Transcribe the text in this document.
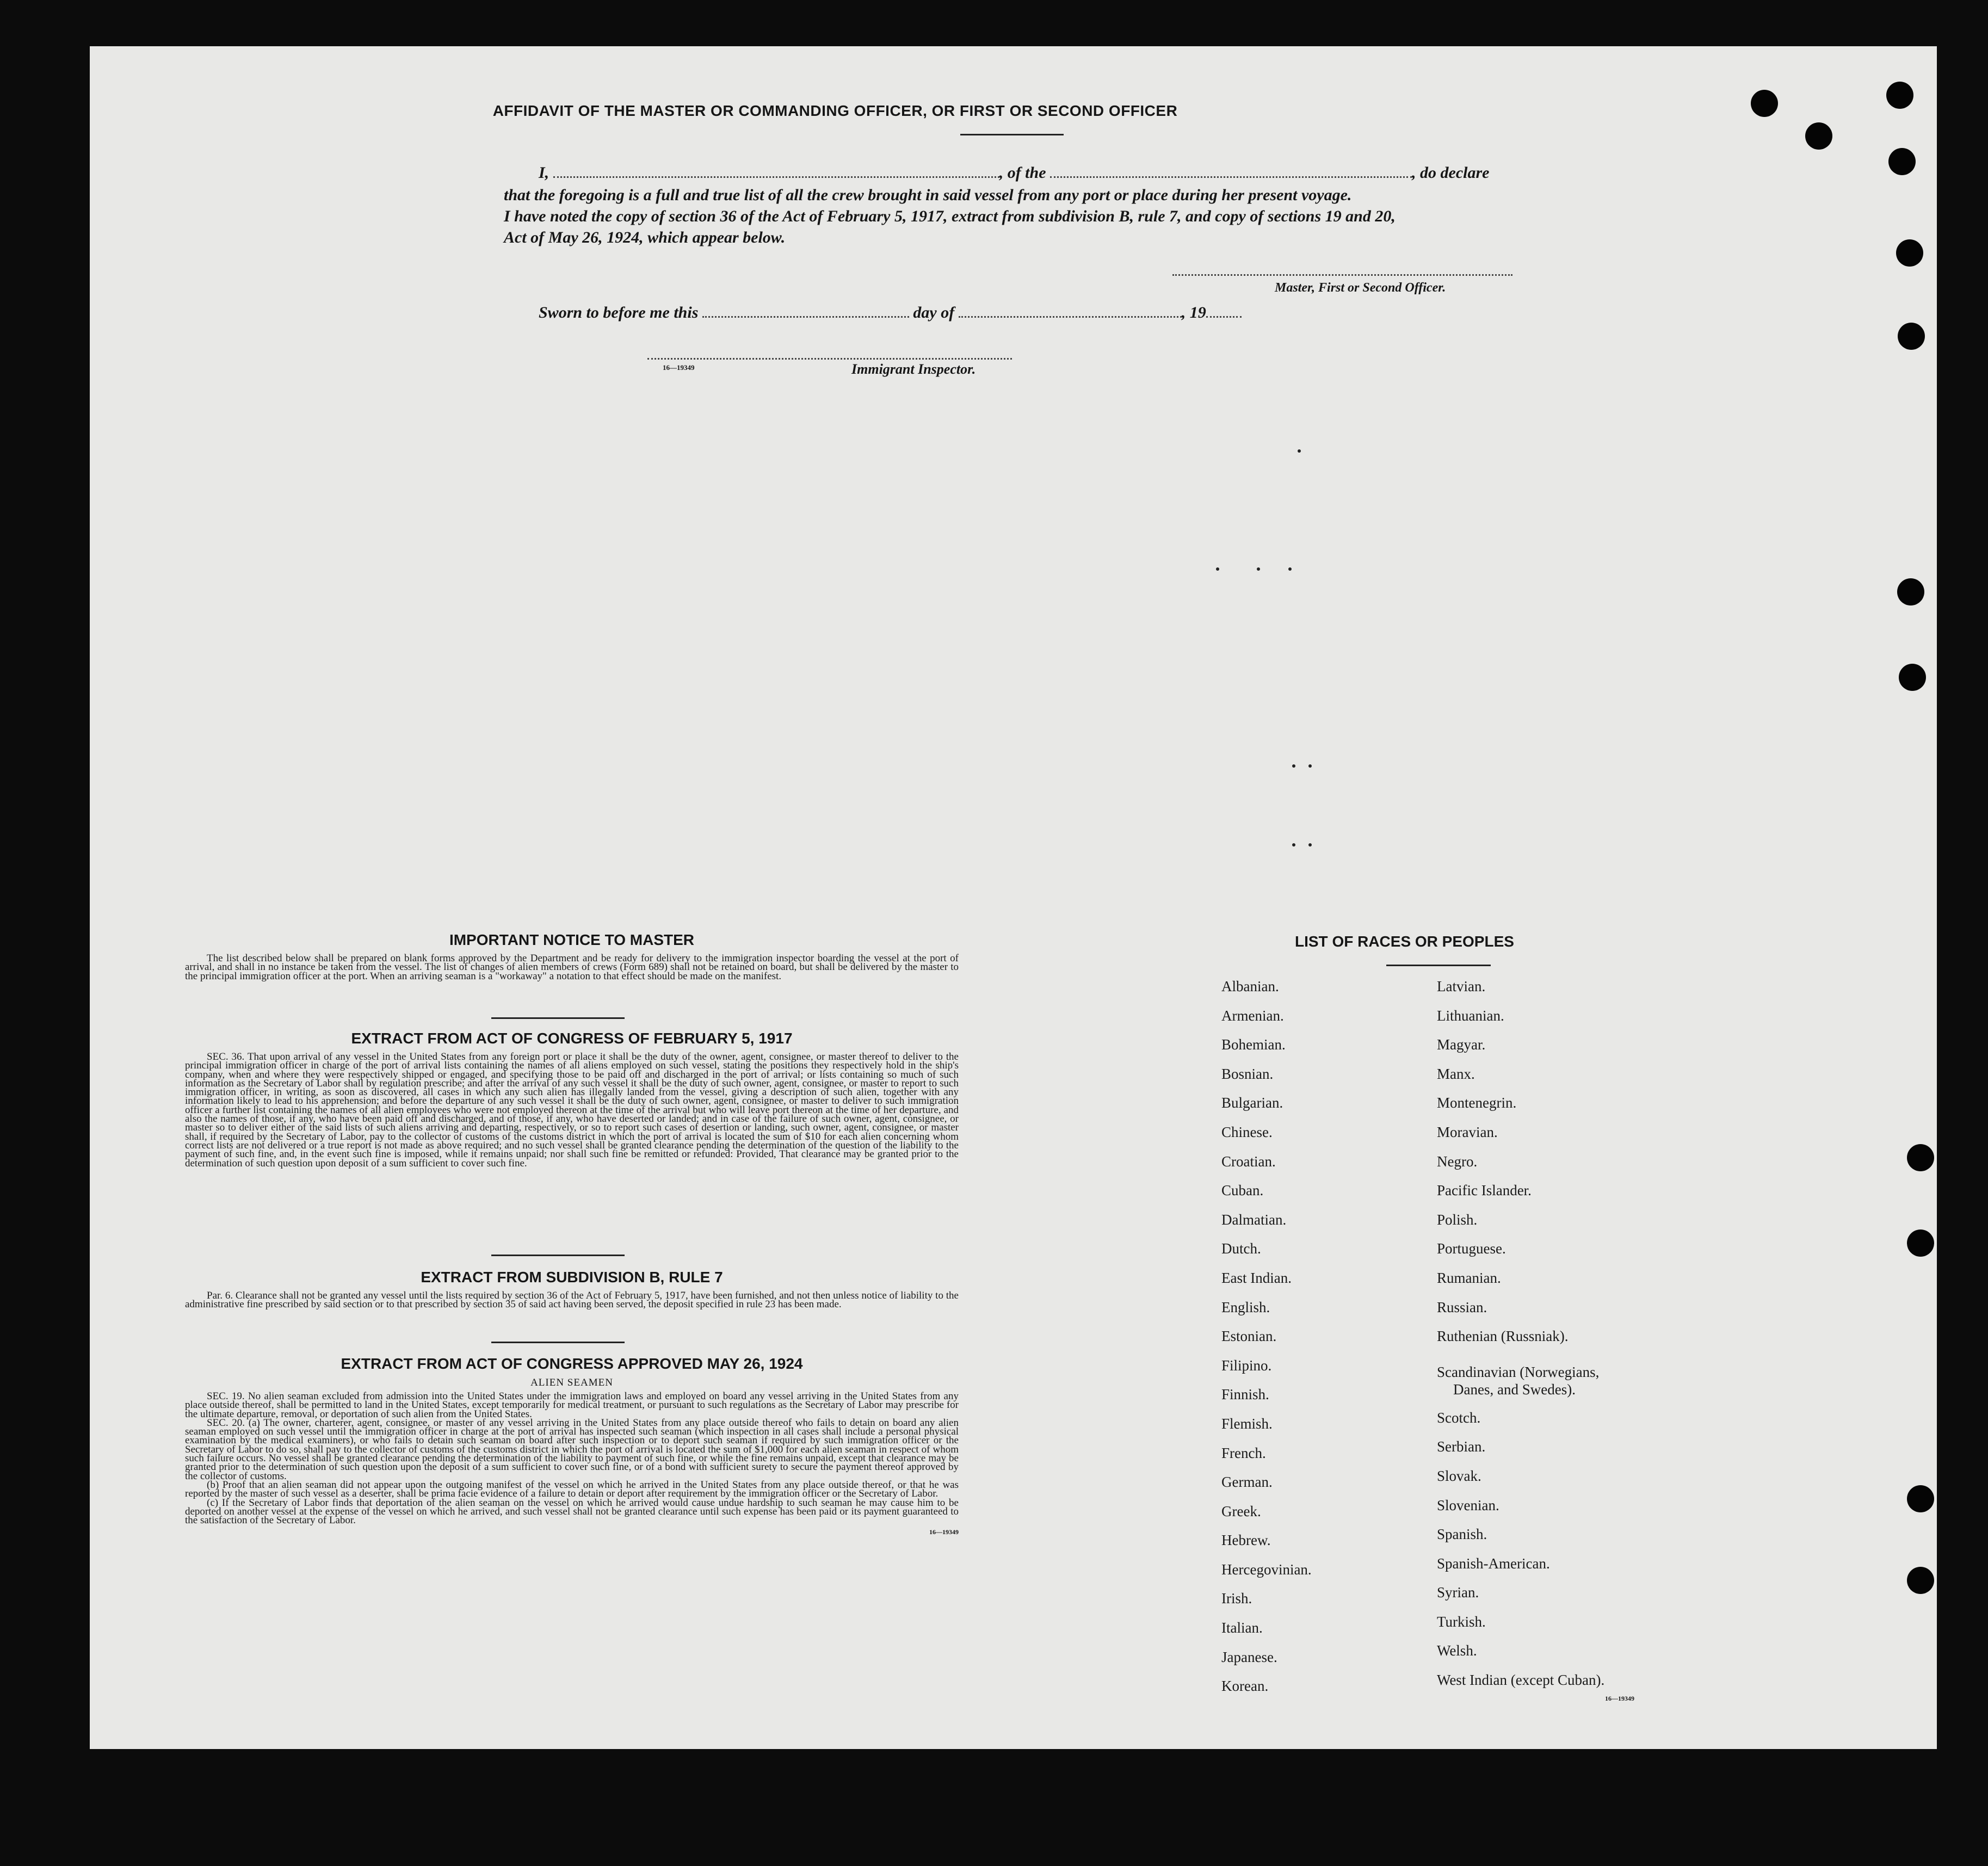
AFFIDAVIT OF THE MASTER OR COMMANDING OFFICER, OR FIRST OR SECOND OFFICER
I,	, of the	, do declare
that the foregoing is a full and true list of all the crew brought in said vessel from any port or place during her present voyage.
I have noted the copy of section 36 of the Act of February 5, 1917, extract from subdivision B, rule 7, and copy of sections 19 and 20,
Act of May 26, 1924, which appear below.
Master, First or Second Officer.
Sworn to before me this	day of	, 19
16—19349	Immigrant Inspector.
IMPORTANT NOTICE TO MASTER

The list described below shall be prepared on blank forms approved by the Department and be ready for delivery to the immigration inspector boarding the vessel at the port of arrival, and shall in no instance be taken from the vessel. The list of changes of alien members of crews (Form 689) shall not be retained on board, but shall be delivered by the master to the principal immigration officer at the port. When an arriving seaman is a "workaway" a notation to that effect should be made on the manifest.

EXTRACT FROM ACT OF CONGRESS OF FEBRUARY 5, 1917

SEC. 36. That upon arrival of any vessel in the United States from any foreign port or place it shall be the duty of the owner, agent, consignee, or master thereof to deliver to the principal immigration officer in charge of the port of arrival lists containing the names of all aliens employed on such vessel, stating the positions they respectively hold in the ship's company, when and where they were respectively shipped or engaged, and specifying those to be paid off and discharged in the port of arrival; or lists containing so much of such information as the Secretary of Labor shall by regulation prescribe; and after the arrival of any such vessel it shall be the duty of such owner, agent, consignee, or master to report to such immigration officer, in writing, as soon as discovered, all cases in which any such alien has illegally landed from the vessel, giving a description of such alien, together with any information likely to lead to his apprehension; and before the departure of any such vessel it shall be the duty of such owner, agent, consignee, or master to deliver to such immigration officer a further list containing the names of all alien employees who were not employed thereon at the time of the arrival but who will leave port thereon at the time of her departure, and also the names of those, if any, who have been paid off and discharged, and of those, if any, who have deserted or landed; and in case of the failure of such owner, agent, consignee, or master so to deliver either of the said lists of such aliens arriving and departing, respectively, or so to report such cases of desertion or landing, such owner, agent, consignee, or master shall, if required by the Secretary of Labor, pay to the collector of customs of the customs district in which the port of arrival is located the sum of $10 for each alien concerning whom correct lists are not delivered or a true report is not made as above required; and no such vessel shall be granted clearance pending the determination of the question of the liability to the payment of such fine, and, in the event such fine is imposed, while it remains unpaid; nor shall such fine be remitted or refunded: Provided, That clearance may be granted prior to the determination of such question upon deposit of a sum sufficient to cover such fine.

EXTRACT FROM SUBDIVISION B, RULE 7

Par. 6. Clearance shall not be granted any vessel until the lists required by section 36 of the Act of February 5, 1917, have been furnished, and not then unless notice of liability to the administrative fine prescribed by said section or to that prescribed by section 35 of said act having been served, the deposit specified in rule 23 has been made.

EXTRACT FROM ACT OF CONGRESS APPROVED MAY 26, 1924
ALIEN SEAMEN

SEC. 19. No alien seaman excluded from admission into the United States under the immigration laws and employed on board any vessel arriving in the United States from any place outside thereof, shall be permitted to land in the United States, except temporarily for medical treatment, or pursuant to such regulations as the Secretary of Labor may prescribe for the ultimate departure, removal, or deportation of such alien from the United States.

SEC. 20. (a) The owner, charterer, agent, consignee, or master of any vessel arriving in the United States from any place outside thereof who fails to detain on board any alien seaman employed on such vessel until the immigration officer in charge at the port of arrival has inspected such seaman (which inspection in all cases shall include a personal physical examination by the medical examiners), or who fails to detain such seaman on board after such inspection or to deport such seaman if required by such immigration officer or the Secretary of Labor to do so, shall pay to the collector of customs of the customs district in which the port of arrival is located the sum of $1,000 for each alien seaman in respect of whom such failure occurs. No vessel shall be granted clearance pending the determination of the liability to payment of such fine, or while the fine remains unpaid, except that clearance may be granted prior to the determination of such question upon the deposit of a sum sufficient to cover such fine, or of a bond with sufficient surety to secure the payment thereof approved by the collector of customs.

(b) Proof that an alien seaman did not appear upon the outgoing manifest of the vessel on which he arrived in the United States from any place outside thereof, or that he was reported by the master of such vessel as a deserter, shall be prima facie evidence of a failure to detain or deport after requirement by the immigration officer or the Secretary of Labor.

(c) If the Secretary of Labor finds that deportation of the alien seaman on the vessel on which he arrived would cause undue hardship to such seaman he may cause him to be deported on another vessel at the expense of the vessel on which he arrived, and such vessel shall not be granted clearance until such expense has been paid or its payment guaranteed to the satisfaction of the Secretary of Labor.

16—19349
LIST OF RACES OR PEOPLES
Albanian.
Armenian.
Bohemian.
Bosnian.
Bulgarian.
Chinese.
Croatian.
Cuban.
Dalmatian.
Dutch.
East Indian.
English.
Estonian.
Filipino.
Finnish.
Flemish.
French.
German.
Greek.
Hebrew.
Hercegovinian.
Irish.
Italian.
Japanese.
Korean.
Latvian.
Lithuanian.
Magyar.
Manx.
Montenegrin.
Moravian.
Negro.
Pacific Islander.
Polish.
Portuguese.
Rumanian.
Russian.
Ruthenian (Russniak).
Scandinavian (Norwegians,
Danes, and Swedes).
Scotch.
Serbian.
Slovak.
Slovenian.
Spanish.
Spanish-American.
Syrian.
Turkish.
Welsh.
West Indian (except Cuban).
16—19349
